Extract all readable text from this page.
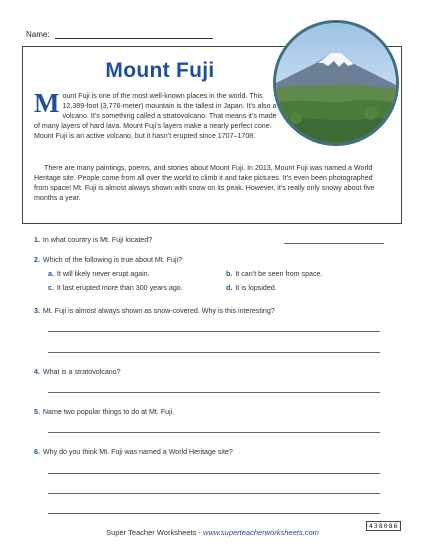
Name:
Mount Fuji
M ount Fuji is one of the most well-known places in the world. This 12,389-foot (3,776-meter) mountain is the tallest in Japan. It’s also a volcano. It’s something called a stratovolcano. That means it’s made of many layers of hard lava. Mount Fuji’s layers make a nearly perfect cone. Mount Fuji is an active volcano, but it hasn’t erupted since 1707–1708.
There are many paintings, poems, and stories about Mount Fuji. In 2013, Mount Fuji was named a World Heritage site. People come from all over the world to climb it and take pictures. It’s even been photographed from space! Mt. Fuji is almost always shown with snow on its peak. However, it’s really only snowy about five months a year.
1. In what country is Mt. Fuji located?
2. Which of the following is true about Mt. Fuji?
a. It will likely never erupt again.	b. It can’t be seen from space.
c. It last erupted more than 300 years ago.	d. It is lopsided.
3. Mt. Fuji is almost always shown as snow-covered. Why is this interesting?
4. What is a stratovolcano?
5. Name two popular things to do at Mt. Fuji.
6. Why do you think Mt. Fuji was named a World Heritage site?
438086
Super Teacher Worksheets - www.superteacherworksheets.com
